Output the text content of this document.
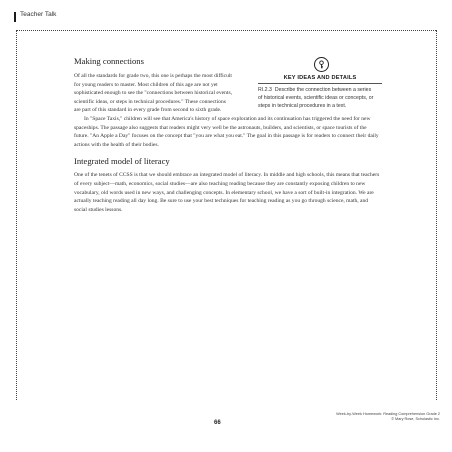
Teacher Talk
Making connections

Of all the standards for grade two, this one is perhaps the most difficult for young readers to master. Most children of this age are not yet sophisticated enough to see the "connections between historical events, scientific ideas, or steps in technical procedures." These connections are part of this standard in every grade from second to sixth grade.

In "Space Taxis," children will see that America's history of space exploration and its continuation has triggered the need for new spaceships. The passage also suggests that readers might very well be the astronauts, builders, and scientists, or space tourists of the future. "An Apple a Day" focuses on the concept that "you are what you eat." The goal in this passage is for readers to connect their daily actions with the health of their bodies.

Integrated model of literacy

One of the tenets of CCSS is that we should embrace an integrated model of literacy. In middle and high schools, this means that teachers of every subject—math, economics, social studies—are also teaching reading because they are constantly exposing children to new vocabulary, old words used in new ways, and challenging concepts. In elementary school, we have a sort of built-in integration. We are actually teaching reading all day long. Be sure to use your best techniques for teaching reading as you go through science, math, and social studies lessons.

KEY IDEAS AND DETAILS
RI.2.3 Describe the connection between a series of historical events, scientific ideas or concepts, or steps in technical procedures in a text.
66
Week-by-Week Homework: Reading Comprehension Grade 2
© Mary Rose, Scholastic Inc.
